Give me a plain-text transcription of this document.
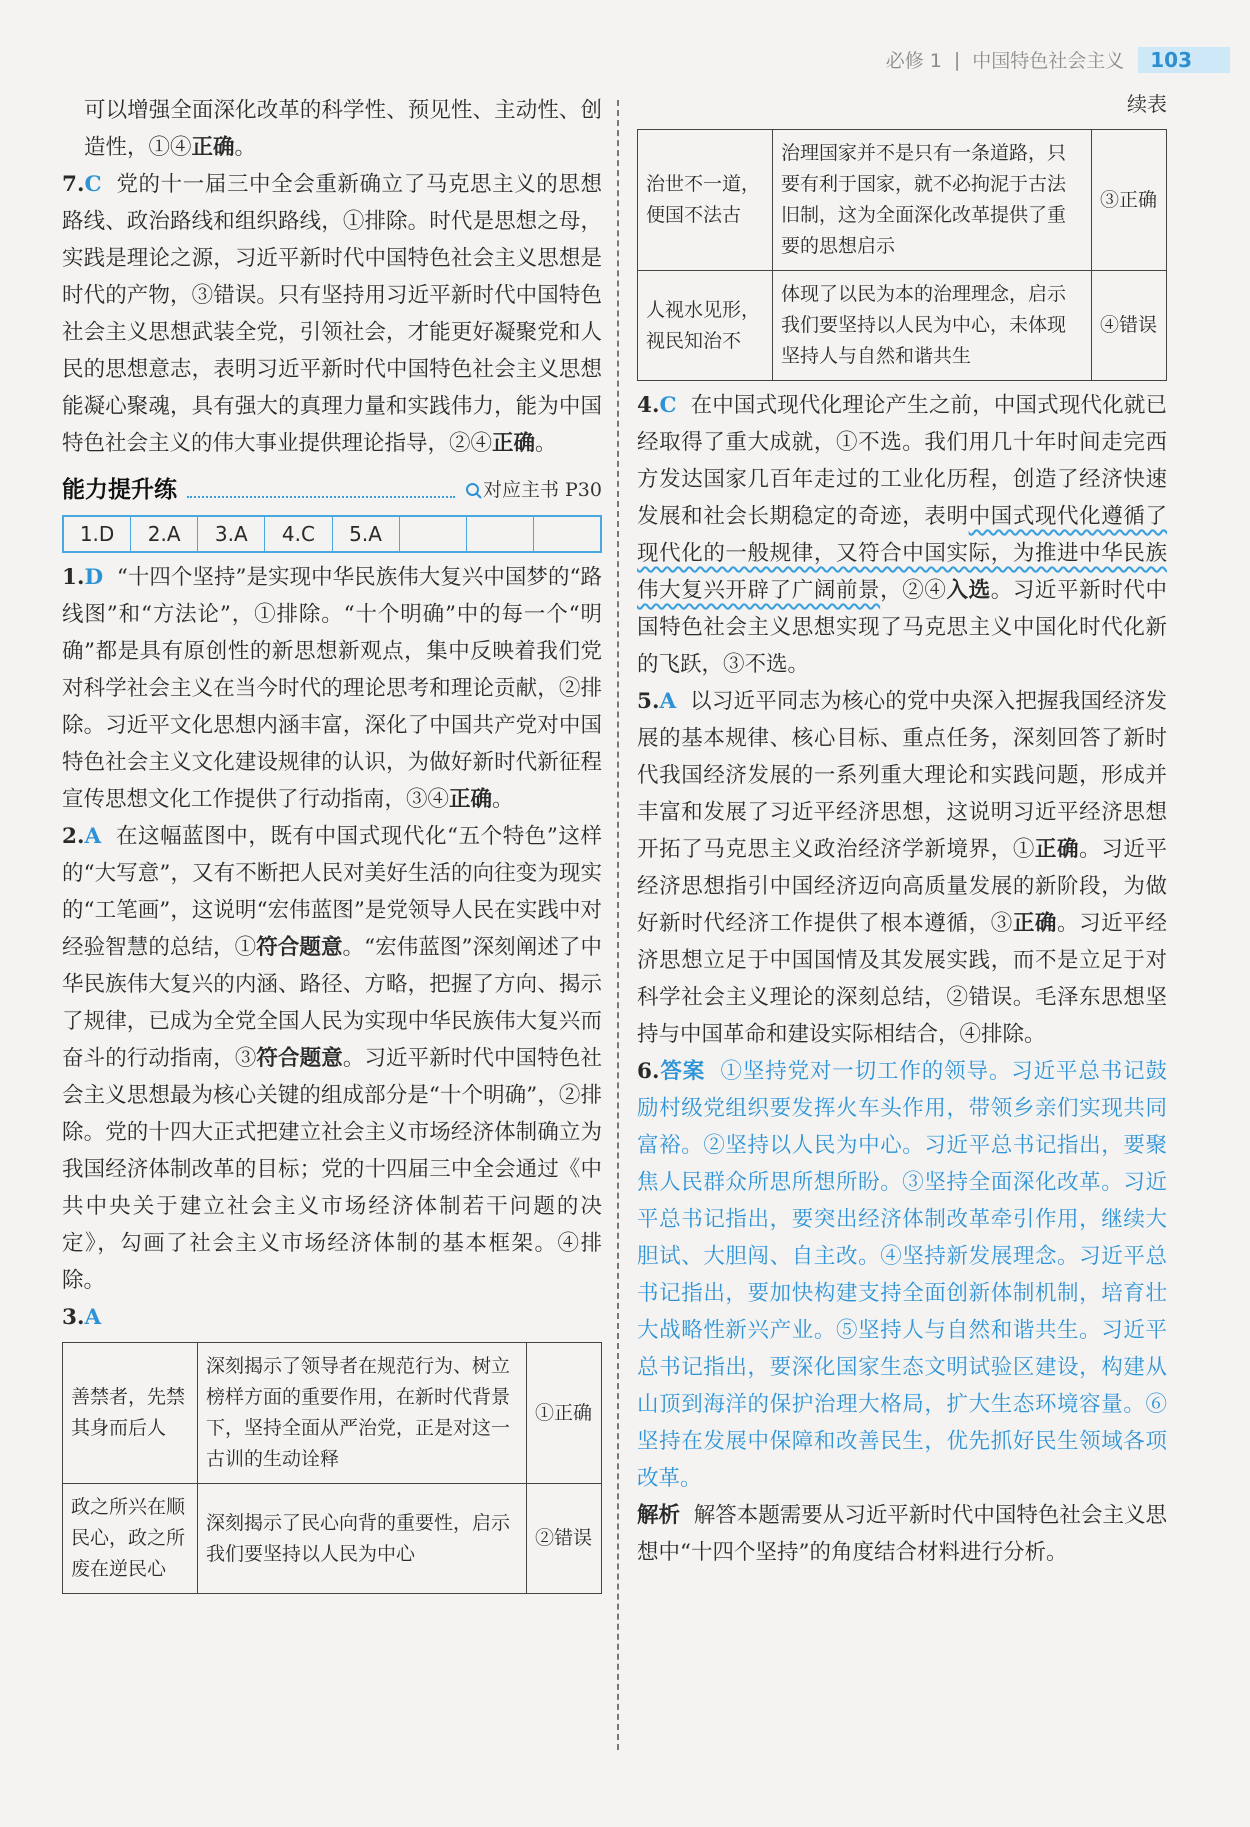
必修 1 | 中国特色社会主义	103

可以增强全面深化改革的科学性、预见性、主动性、创造性，①④正确。

7.C 党的十一届三中全会重新确立了马克思主义的思想路线、政治路线和组织路线，①排除。时代是思想之母，实践是理论之源，习近平新时代中国特色社会主义思想是时代的产物，③错误。只有坚持用习近平新时代中国特色社会主义思想武装全党，引领社会，才能更好凝聚党和人民的思想意志，表明习近平新时代中国特色社会主义思想能凝心聚魂，具有强大的真理力量和实践伟力，能为中国特色社会主义的伟大事业提供理论指导，②④正确。

能力提升练	对应主书 P30
1.D	2.A	3.A	4.C	5.A

1.D “十四个坚持”是实现中华民族伟大复兴中国梦的“路线图”和“方法论”，①排除。“十个明确”中的每一个“明确”都是具有原创性的新思想新观点，集中反映着我们党对科学社会主义在当今时代的理论思考和理论贡献，②排除。习近平文化思想内涵丰富，深化了中国共产党对中国特色社会主义文化建设规律的认识，为做好新时代新征程宣传思想文化工作提供了行动指南，③④正确。

2.A 在这幅蓝图中，既有中国式现代化“五个特色”这样的“大写意”，又有不断把人民对美好生活的向往变为现实的“工笔画”，这说明“宏伟蓝图”是党领导人民在实践中对经验智慧的总结，①符合题意。“宏伟蓝图”深刻阐述了中华民族伟大复兴的内涵、路径、方略，把握了方向、揭示了规律，已成为全党全国人民为实现中华民族伟大复兴而奋斗的行动指南，③符合题意。习近平新时代中国特色社会主义思想最为核心关键的组成部分是“十个明确”，②排除。党的十四大正式把建立社会主义市场经济体制确立为我国经济体制改革的目标；党的十四届三中全会通过《中共中央关于建立社会主义市场经济体制若干问题的决定》，勾画了社会主义市场经济体制的基本框架。④排除。

3.A

善禁者，先禁其身而后人	深刻揭示了领导者在规范行为、树立榜样方面的重要作用，在新时代背景下，坚持全面从严治党，正是对这一古训的生动诠释	①正确
政之所兴在顺民心，政之所废在逆民心	深刻揭示了民心向背的重要性，启示我们要坚持以人民为中心	②错误
续表
治世不一道，便国不法古	治理国家并不是只有一条道路，只要有利于国家，就不必拘泥于古法旧制，这为全面深化改革提供了重要的思想启示	③正确
人视水见形，视民知治不	体现了以民为本的治理理念，启示我们要坚持以人民为中心，未体现坚持人与自然和谐共生	④错误

4.C 在中国式现代化理论产生之前，中国式现代化就已经取得了重大成就，①不选。我们用几十年时间走完西方发达国家几百年走过的工业化历程，创造了经济快速发展和社会长期稳定的奇迹，表明中国式现代化遵循了现代化的一般规律，又符合中国实际，为推进中华民族伟大复兴开辟了广阔前景，②④入选。习近平新时代中国特色社会主义思想实现了马克思主义中国化时代化新的飞跃，③不选。

5.A 以习近平同志为核心的党中央深入把握我国经济发展的基本规律、核心目标、重点任务，深刻回答了新时代我国经济发展的一系列重大理论和实践问题，形成并丰富和发展了习近平经济思想，这说明习近平经济思想开拓了马克思主义政治经济学新境界，①正确。习近平经济思想指引中国经济迈向高质量发展的新阶段，为做好新时代经济工作提供了根本遵循，③正确。习近平经济思想立足于中国国情及其发展实践，而不是立足于对科学社会主义理论的深刻总结，②错误。毛泽东思想坚持与中国革命和建设实际相结合，④排除。

6.答案 ①坚持党对一切工作的领导。习近平总书记鼓励村级党组织要发挥火车头作用，带领乡亲们实现共同富裕。②坚持以人民为中心。习近平总书记指出，要聚焦人民群众所思所想所盼。③坚持全面深化改革。习近平总书记指出，要突出经济体制改革牵引作用，继续大胆试、大胆闯、自主改。④坚持新发展理念。习近平总书记指出，要加快构建支持全面创新体制机制，培育壮大战略性新兴产业。⑤坚持人与自然和谐共生。习近平总书记指出，要深化国家生态文明试验区建设，构建从山顶到海洋的保护治理大格局，扩大生态环境容量。⑥坚持在发展中保障和改善民生，优先抓好民生领域各项改革。

解析 解答本题需要从习近平新时代中国特色社会主义思想中“十四个坚持”的角度结合材料进行分析。
